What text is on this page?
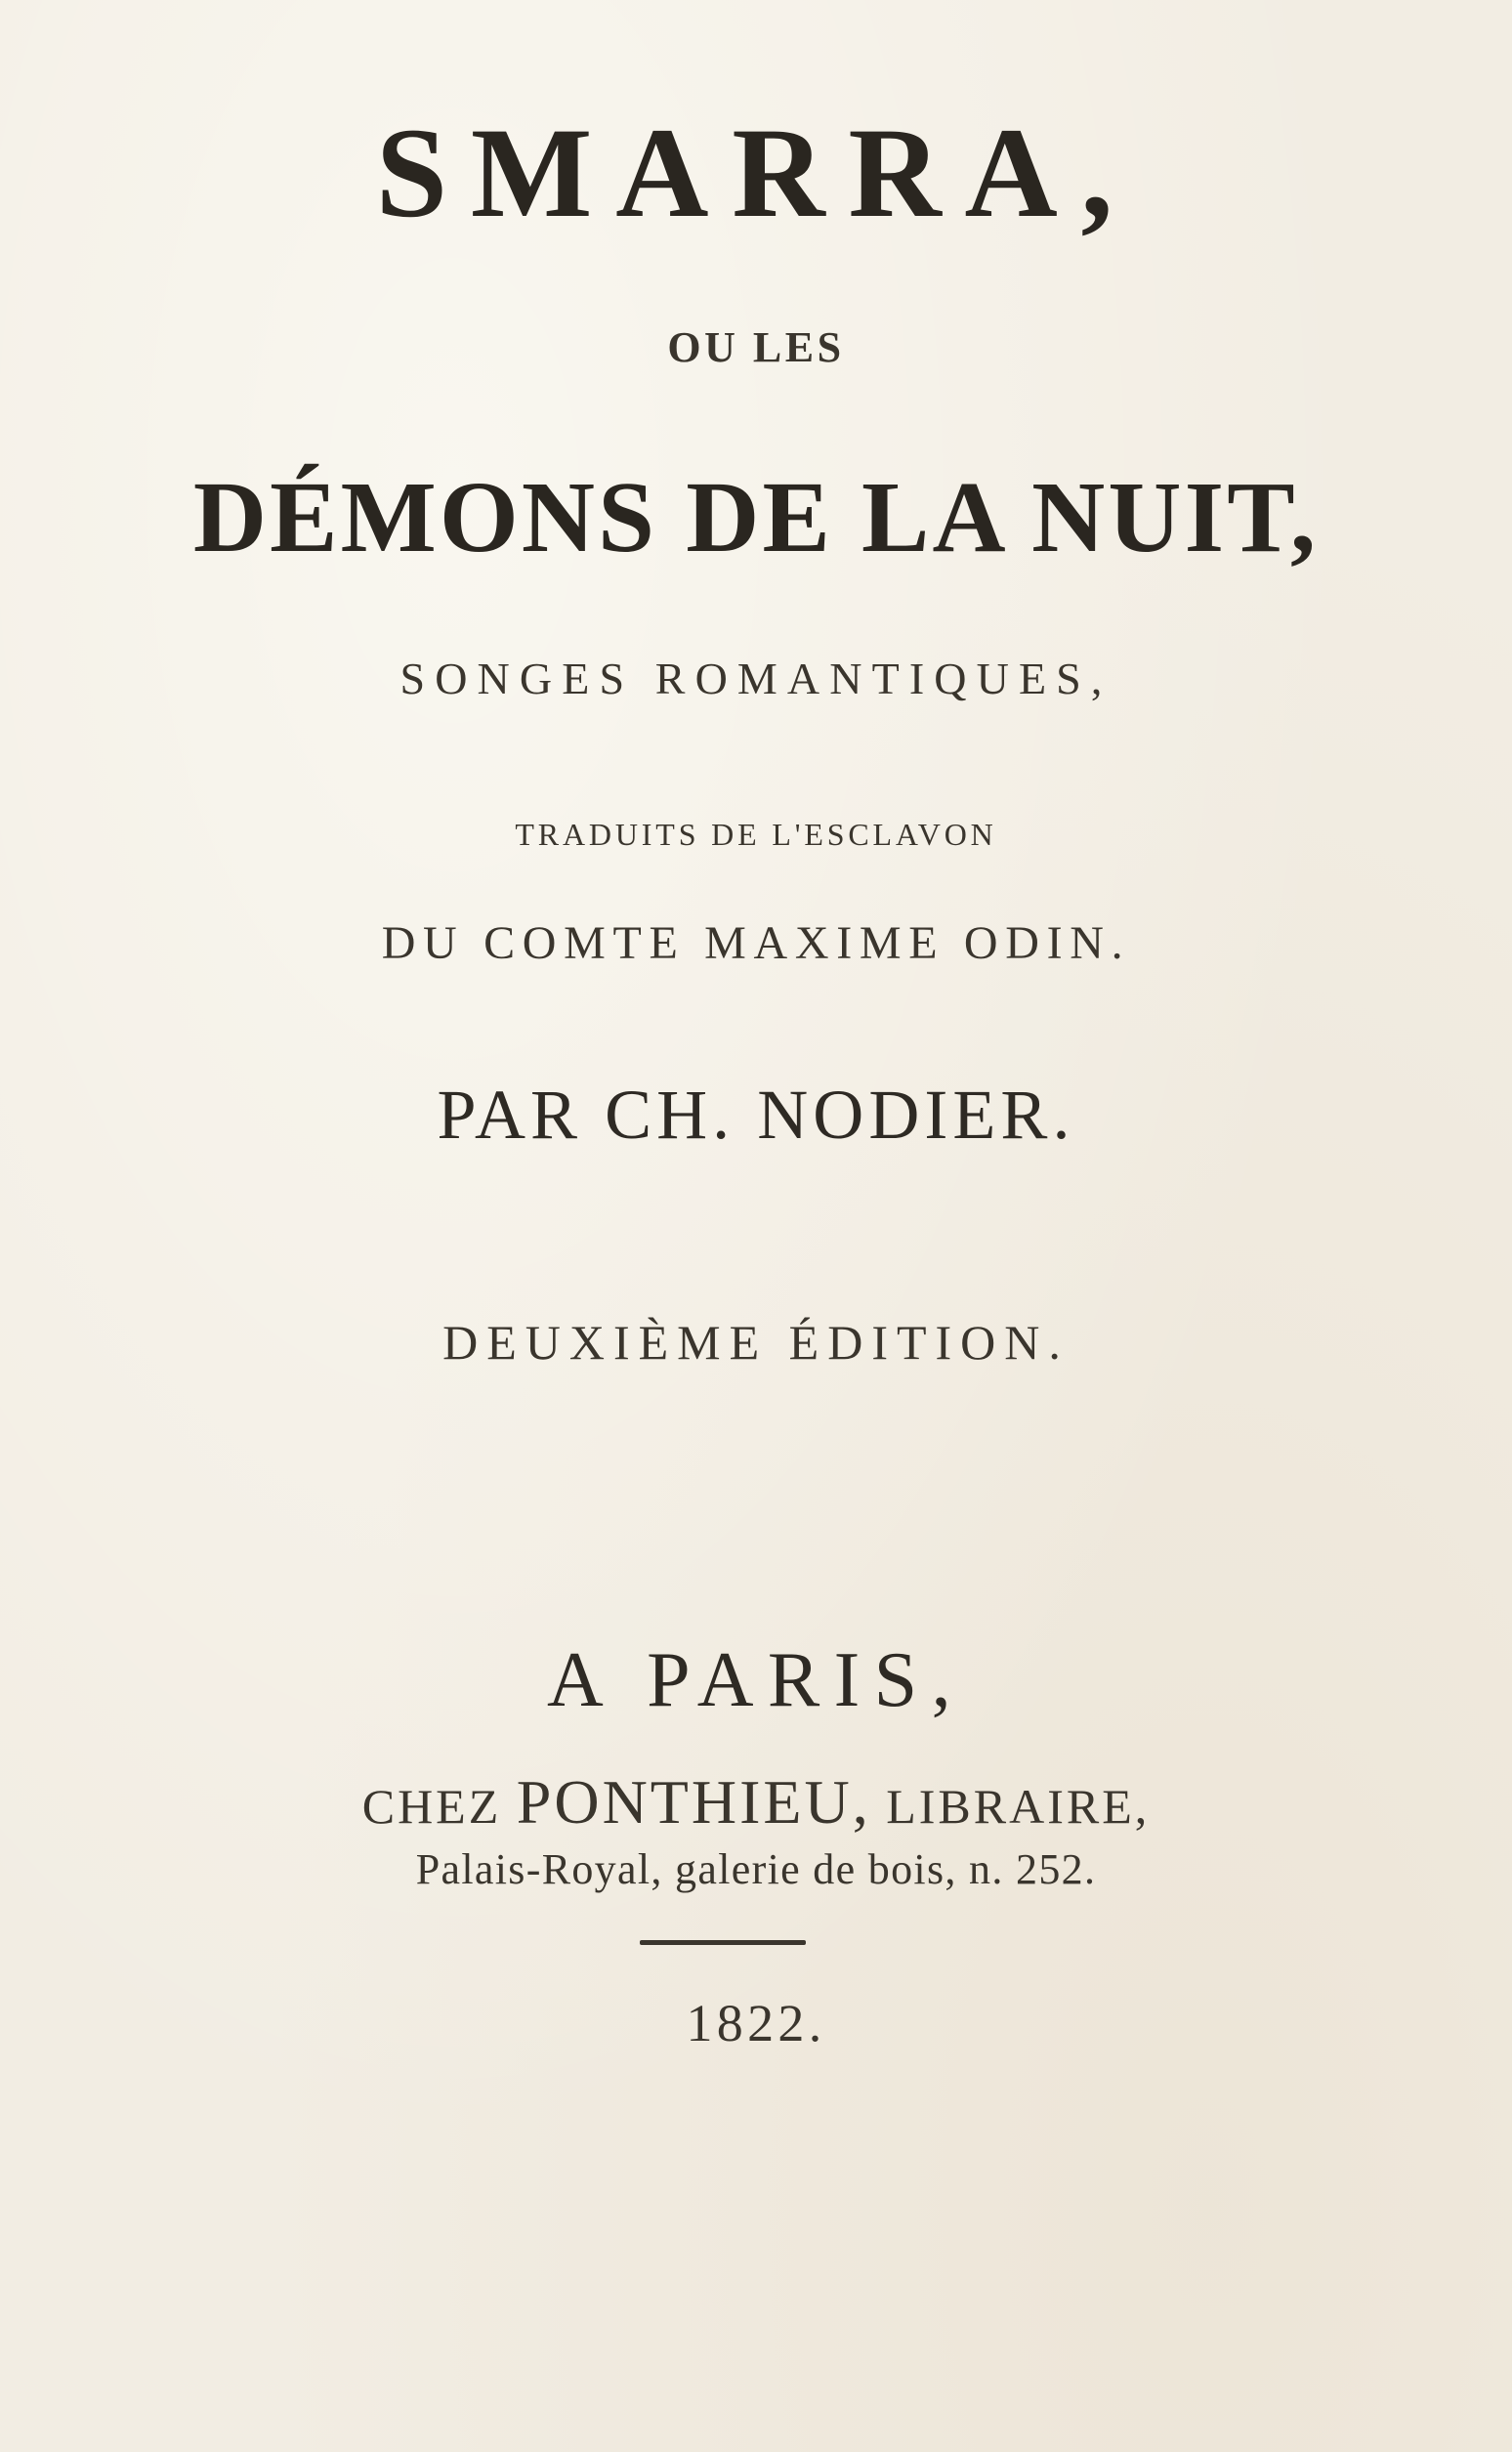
SMARRA,
OU LES
DÉMONS DE LA NUIT,
SONGES ROMANTIQUES,
TRADUITS DE L'ESCLAVON
DU COMTE MAXIME ODIN.
PAR CH. NODIER.
DEUXIÈME ÉDITION.
A PARIS,
CHEZ PONTHIEU, LIBRAIRE,
Palais-Royal, galerie de bois, n. 252.
1822.
